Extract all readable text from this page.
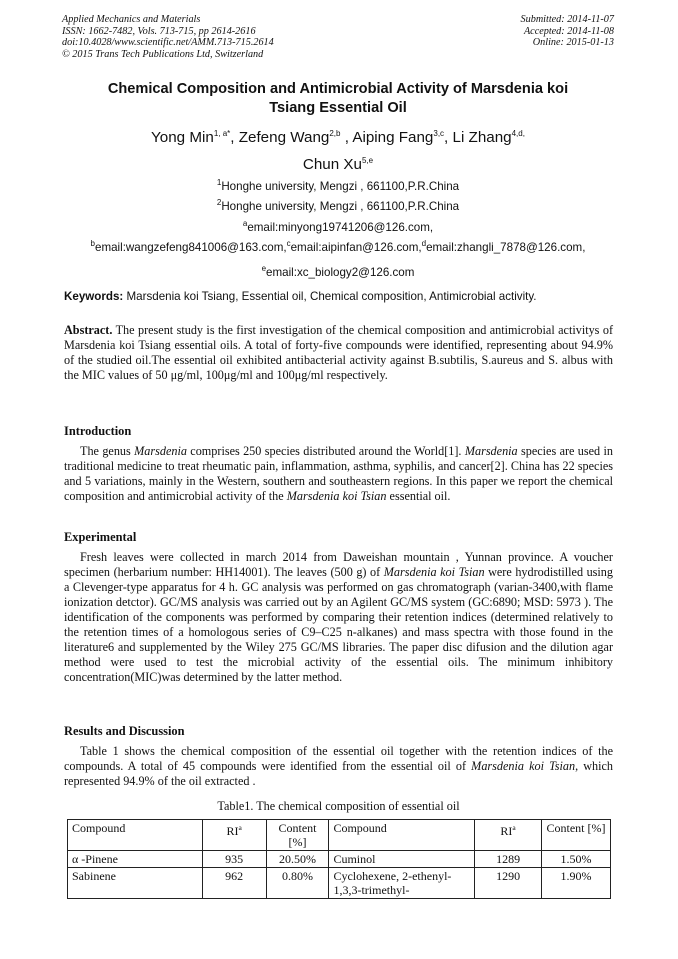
Applied Mechanics and Materials
ISSN: 1662-7482, Vols. 713-715, pp 2614-2616
doi:10.4028/www.scientific.net/AMM.713-715.2614
© 2015 Trans Tech Publications Ltd, Switzerland
Submitted: 2014-11-07
Accepted: 2014-11-08
Online: 2015-01-13
Chemical Composition and Antimicrobial Activity of Marsdenia koi
Tsiang Essential Oil
Yong Min$^{1, a*}$, Zefeng Wang$^{2,b}$ , Aiping Fang$^{3,c}$, Li Zhang$^{4,d,}$
Chun Xu$^{5,e}$
$^1$Honghe university, Mengzi , 661100,P.R.China
$^2$Honghe university, Mengzi , 661100,P.R.China
$^a$email:minyong19741206@126.com,
$^b$email:wangzefeng841006@163.com,$^c$email:aipinfan@126.com,$^d$email:zhangli_7878@126.com,
$^e$email:xc_biology2@126.com
Keywords: Marsdenia koi Tsiang, Essential oil, Chemical composition, Antimicrobial activity.
Abstract. The present study is the first investigation of the chemical composition and antimicrobial activitys of Marsdenia koi Tsiang essential oils. A total of forty-five compounds were identified, representing about 94.9% of the studied oil.The essential oil exhibited antibacterial activity against B.subtilis, S.aureus and S. albus with the MIC values of 50 μg/ml, 100μg/ml and 100μg/ml respectively.
Introduction
The genus Marsdenia comprises 250 species distributed around the World[1]. Marsdenia species are used in traditional medicine to treat rheumatic pain, inflammation, asthma, syphilis, and cancer[2]. China has 22 species and 5 variations, mainly in the Western, southern and southeastern regions. In this paper we report the chemical composition and antimicrobial activity of the Marsdenia koi Tsian essential oil.
Experimental
Fresh leaves were collected in march 2014 from Daweishan mountain , Yunnan province. A voucher specimen (herbarium number: HH14001). The leaves (500 g) of Marsdenia koi Tsian were hydrodistilled using a Clevenger-type apparatus for 4 h. GC analysis was performed on gas chromatograph (varian-3400,with flame ionization detctor). GC/MS analysis was carried out by an Agilent GC/MS system (GC:6890; MSD: 5973 ). The identification of the components was performed by comparing their retention indices (determined relatively to the retention times of a homologous series of C9–C25 n-alkanes) and mass spectra with those found in the literature6 and supplemented by the Wiley 275 GC/MS libraries. The paper disc difusion and the dilution agar method were used to test the microbial activity of the essential oils. The minimum inhibitory concentration(MIC)was determined by the latter method.
Results and Discussion
Table 1 shows the chemical composition of the essential oil together with the retention indices of the compounds. A total of 45 compounds were identified from the essential oil of Marsdenia koi Tsian, which represented 94.9% of the oil extracted .
Table1. The chemical composition of essential oil
Compound	$RI^a$	Content [%]	Compound	$RI^a$	Content [%]
α -Pinene	935	20.50%	Cuminol	1289	1.50%
Sabinene	962	0.80%	Cyclohexene, 2-ethenyl-1,3,3-trimethyl-	1290	1.90%
